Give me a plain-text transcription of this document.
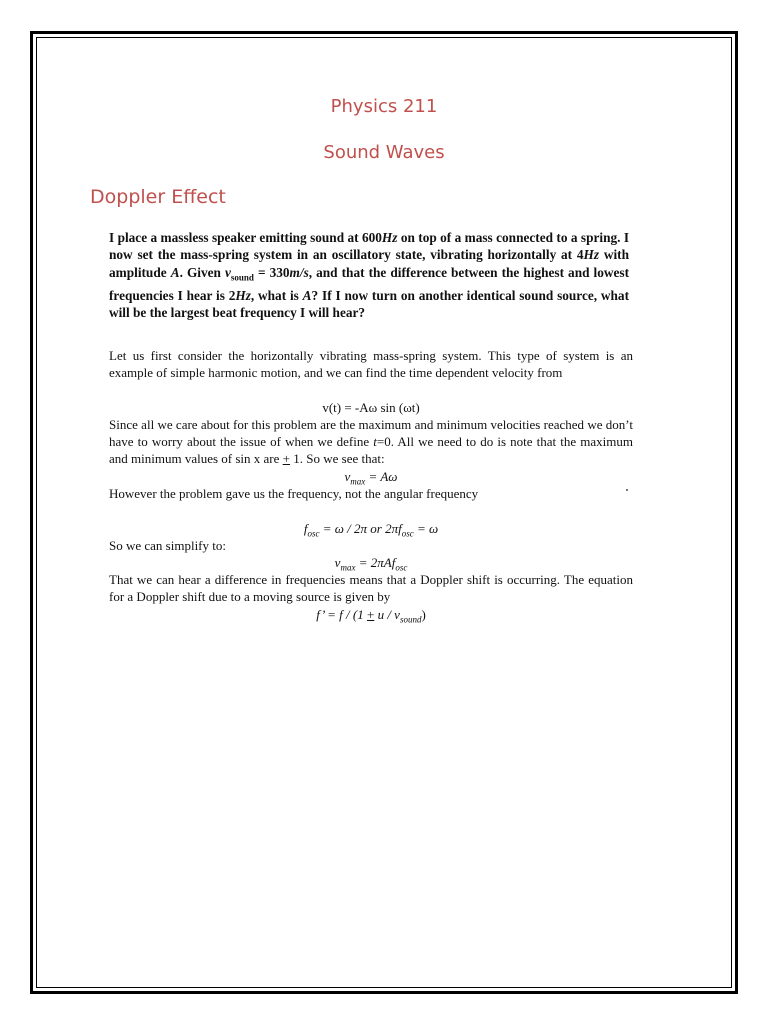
Physics 211
Sound Waves
Doppler Effect
I place a massless speaker emitting sound at 600Hz on top of a mass connected to a spring. I now set the mass-spring system in an oscillatory state, vibrating horizontally at 4Hz with amplitude A. Given $v_{sound} = 330m/s$, and that the difference between the highest and lowest frequencies I hear is 2Hz, what is A? If I now turn on another identical sound source, what will be the largest beat frequency I will hear?

Let us first consider the horizontally vibrating mass-spring system. This type of system is an example of simple harmonic motion, and we can find the time dependent velocity from

v(t) = -Aω sin (ωt)

Since all we care about for this problem are the maximum and minimum velocities reached we don’t have to worry about the issue of when we define t=0. All we need to do is note that the maximum and minimum values of sin x are + 1. So we see that:

$v_{max} = A\omega$

However the problem gave us the frequency, not the angular frequency

$f_{osc} = \omega / 2\pi$ or $2\pi f_{osc} = \omega$

So we can simplify to:

$v_{max} = 2\pi Af_{osc}$

That we can hear a difference in frequencies means that a Doppler shift is occurring. The equation for a Doppler shift due to a moving source is given by

f’ = $f / (1 + u / v_{sound})$
